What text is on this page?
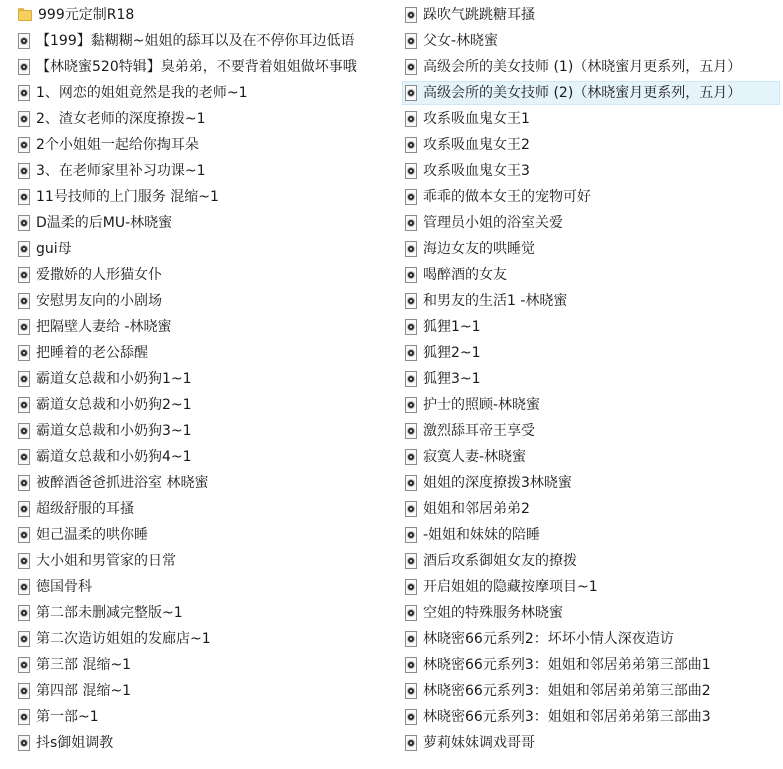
999元定制R18
【199】黏糊糊~姐姐的舔耳以及在不停你耳边低语
【林晓蜜520特辑】臭弟弟，不要背着姐姐做坏事哦
1、网恋的姐姐竟然是我的老师~1
2、渣女老师的深度撩拨~1
2个小姐姐一起给你掏耳朵
3、在老师家里补习功课~1
11号技师的上门服务 混缩~1
D温柔的后MU-林晓蜜
gui母
爱撒娇的人形猫女仆
安慰男友向的小剧场
把隔壁人妻给 -林晓蜜
把睡着的老公舔醒
霸道女总裁和小奶狗1~1
霸道女总裁和小奶狗2~1
霸道女总裁和小奶狗3~1
霸道女总裁和小奶狗4~1
被醉酒爸爸抓进浴室 林晓蜜
超级舒服的耳搔
妲己温柔的哄你睡
大小姐和男管家的日常
德国骨科
第二部未删减完整版~1
第二次造访姐姐的发廊店~1
第三部 混缩~1
第四部 混缩~1
第一部~1
抖s御姐调教
跺吹气跳跳糖耳搔
父女-林晓蜜
高级会所的美女技师 (1)（林晓蜜月更系列，五月）
高级会所的美女技师 (2)（林晓蜜月更系列，五月）
攻系吸血鬼女王1
攻系吸血鬼女王2
攻系吸血鬼女王3
乖乖的做本女王的宠物可好
管理员小姐的浴室关爱
海边女友的哄睡觉
喝醉酒的女友
和男友的生活1 -林晓蜜
狐狸1~1
狐狸2~1
狐狸3~1
护士的照顾-林晓蜜
激烈舔耳帝王享受
寂寞人妻-林晓蜜
姐姐的深度撩拨3林晓蜜
姐姐和邻居弟弟2
-姐姐和妹妹的陪睡
酒后攻系御姐女友的撩拨
开启姐姐的隐藏按摩项目~1
空姐的特殊服务林晓蜜
林晓密66元系列2：坏坏小情人深夜造访
林晓密66元系列3：姐姐和邻居弟弟第三部曲1
林晓密66元系列3：姐姐和邻居弟弟第三部曲2
林晓密66元系列3：姐姐和邻居弟弟第三部曲3
萝莉妹妹调戏哥哥
